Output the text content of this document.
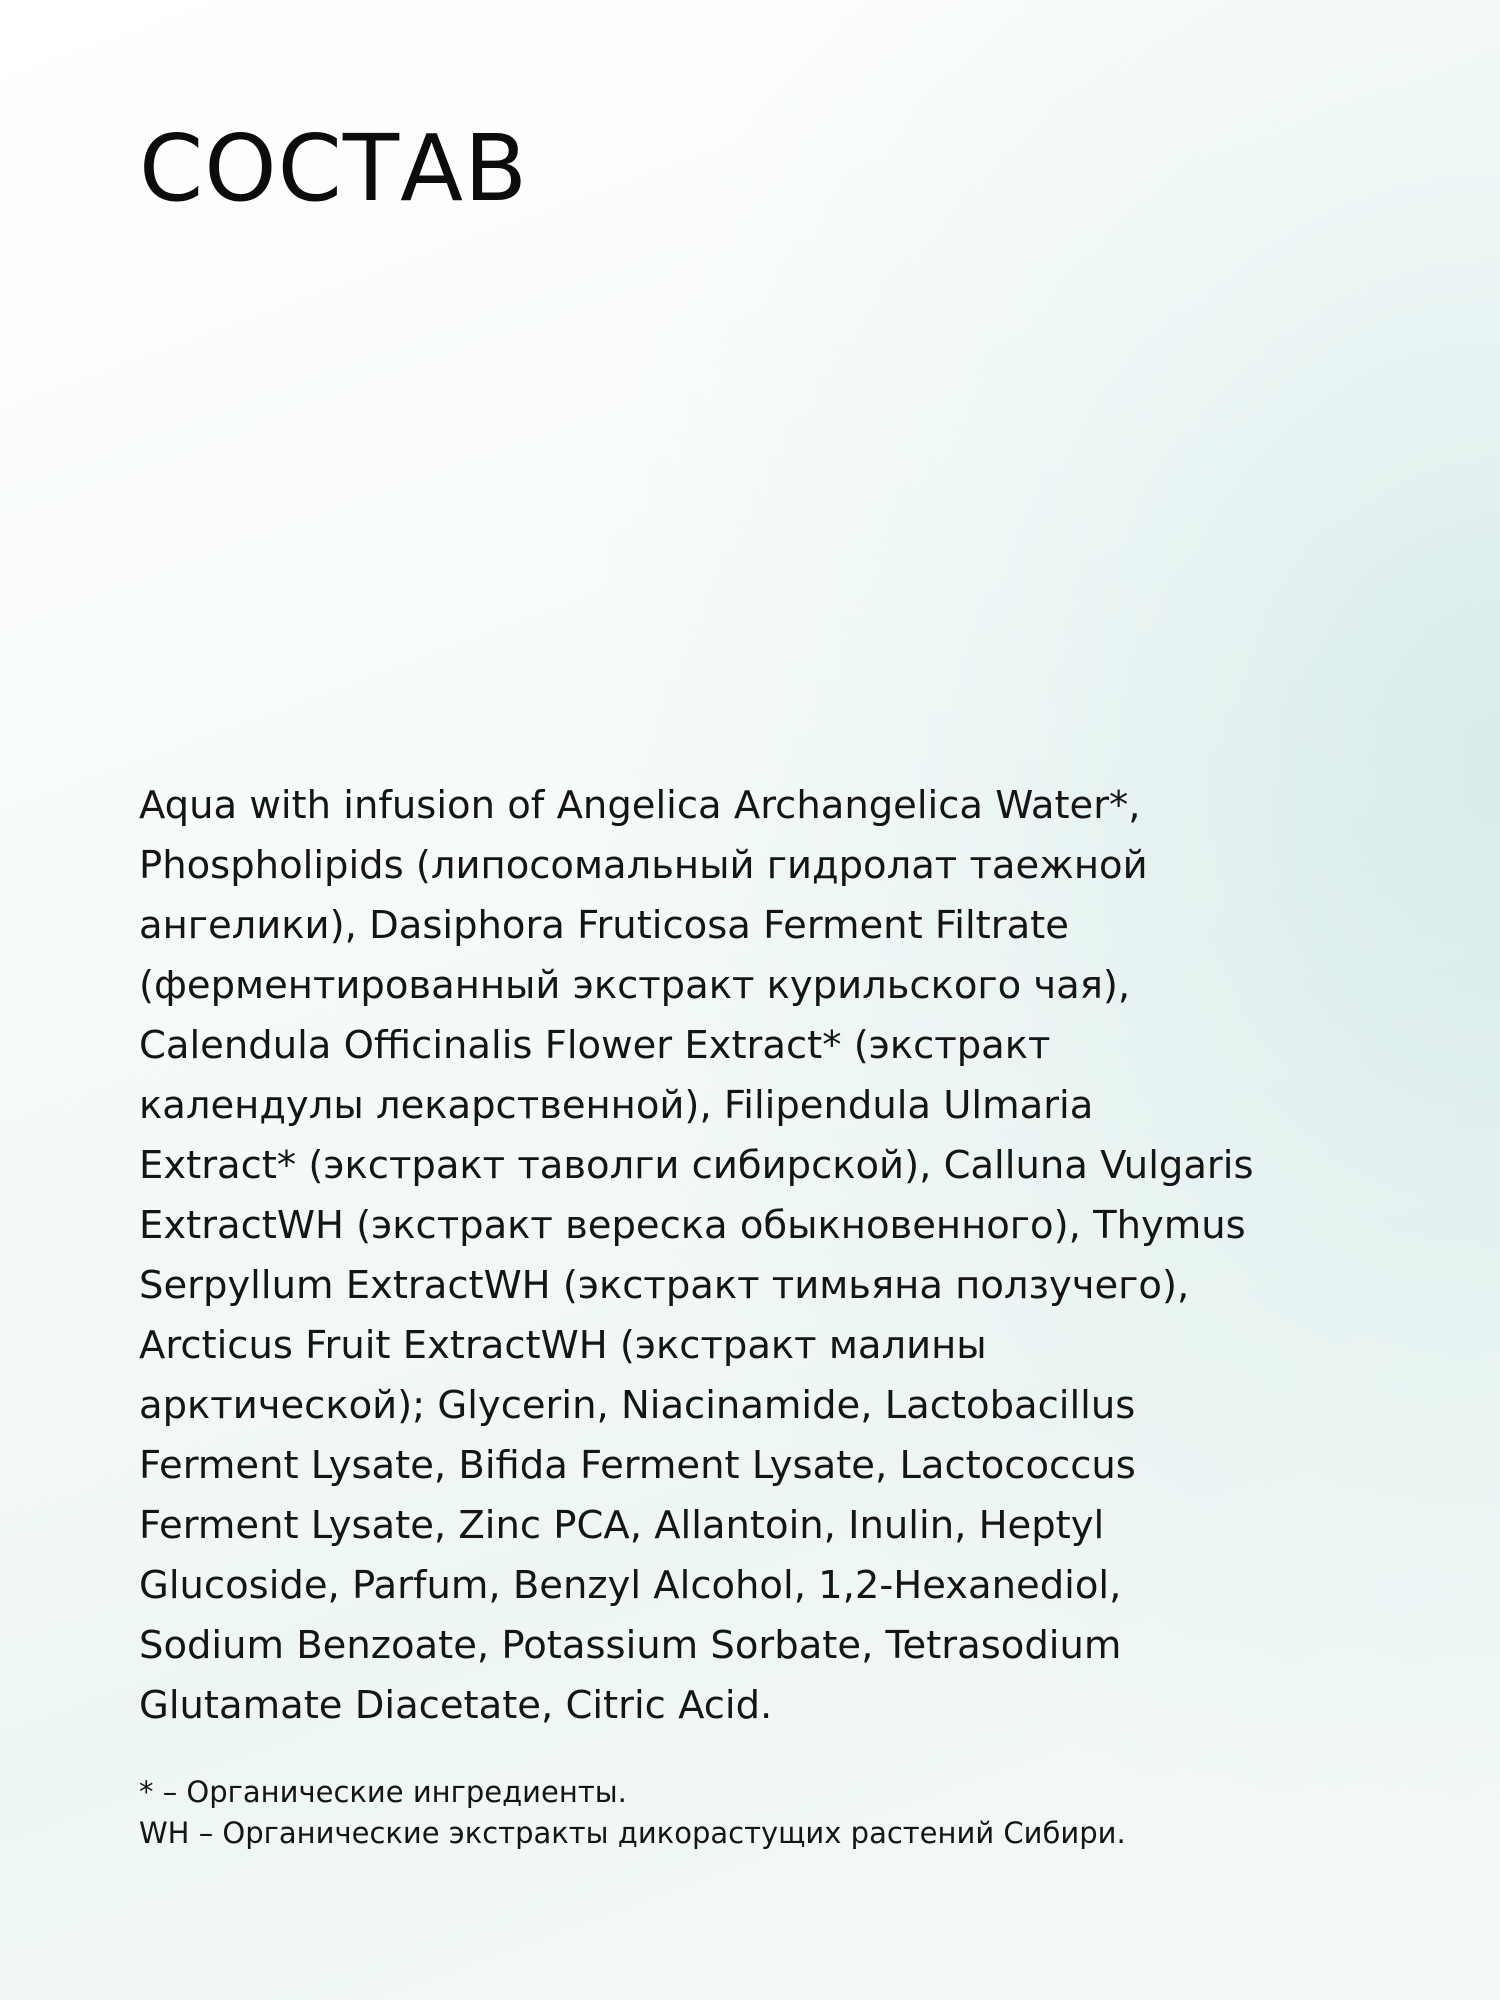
СОСТАВ

Aqua with infusion of Angelica Archangelica Water*,
Phospholipids (липосомальный гидролат таежной
ангелики), Dasiphora Fruticosa Ferment Filtrate
(ферментированный экстракт курильского чая),
Calendula Officinalis Flower Extract* (экстракт
календулы лекарственной), Filipendula Ulmaria
Extract* (экстракт таволги сибирской), Calluna Vulgaris
ExtractWH (экстракт вереска обыкновенного), Thymus
Serpyllum ExtractWH (экстракт тимьяна ползучего),
Arcticus Fruit ExtractWH (экстракт малины
арктической); Glycerin, Niacinamide, Lactobacillus
Ferment Lysate, Bifida Ferment Lysate, Lactococcus
Ferment Lysate, Zinc PCA, Allantoin, Inulin, Heptyl
Glucoside, Parfum, Benzyl Alcohol, 1,2-Hexanediol,
Sodium Benzoate, Potassium Sorbate, Tetrasodium
Glutamate Diacetate, Citric Acid.

* – Органические ингредиенты.
WH – Органические экстракты дикорастущих растений Сибири.
